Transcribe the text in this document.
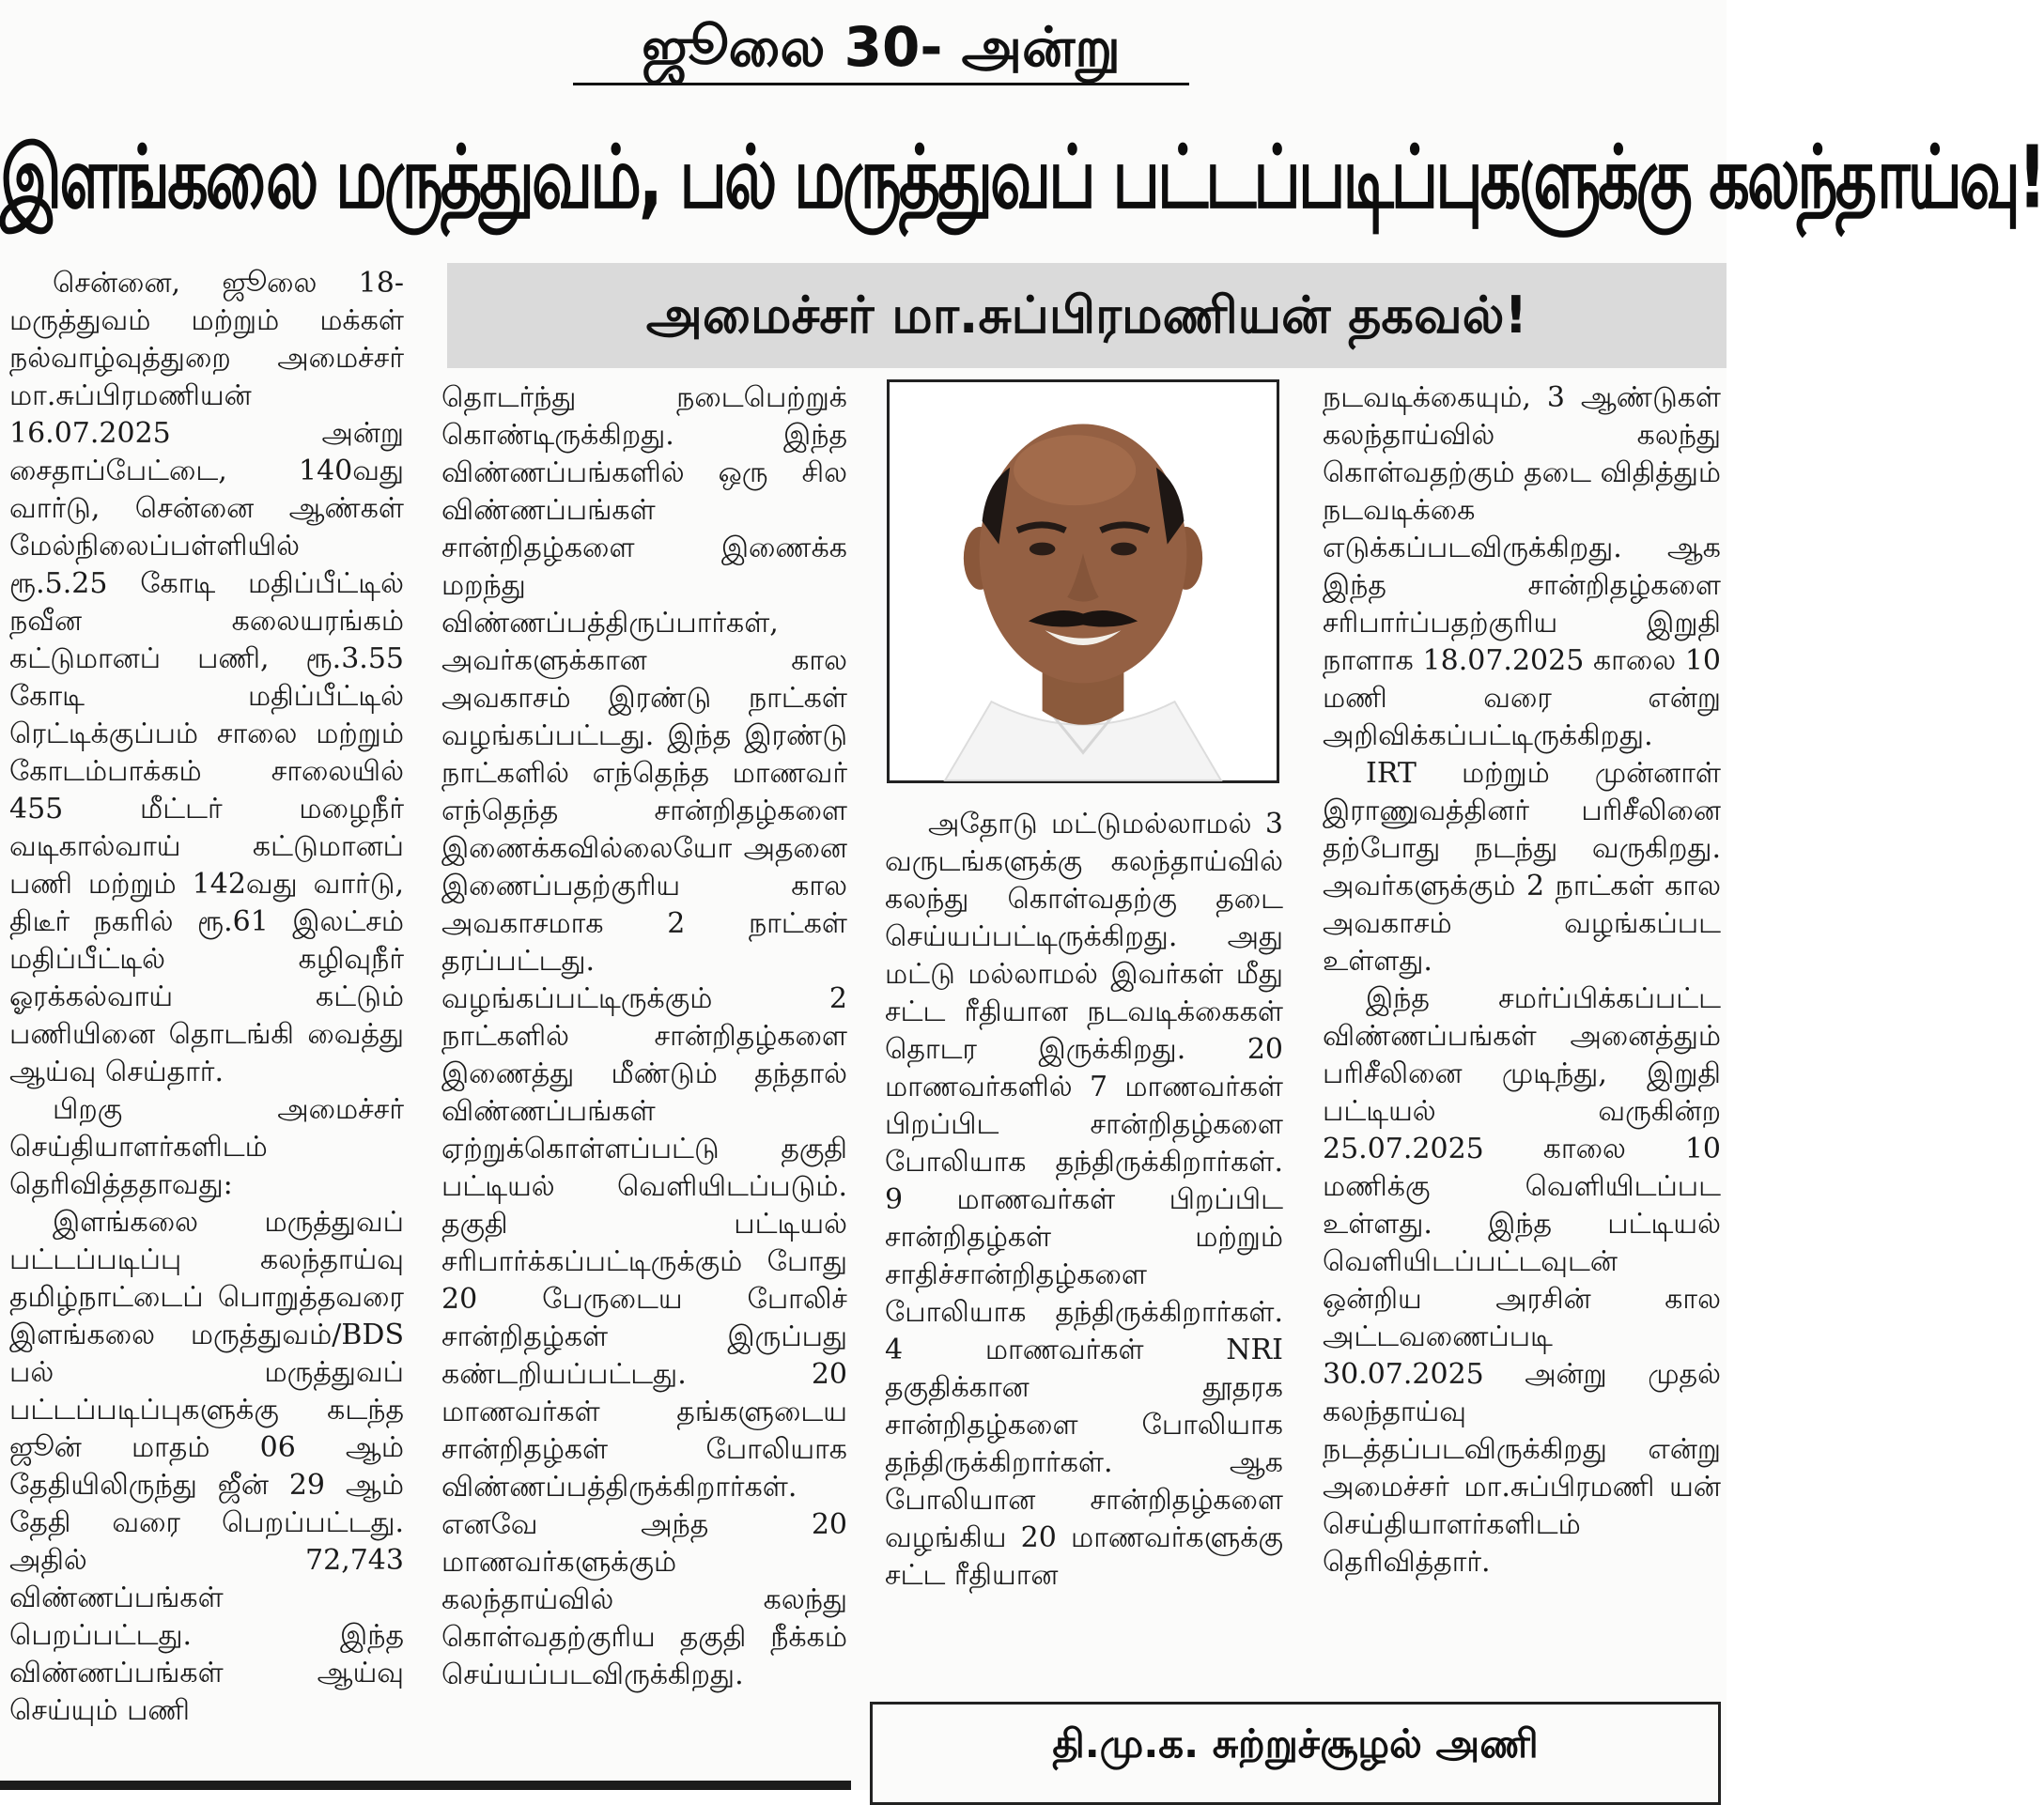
ஜூலை 30- அன்று
இளங்கலை மருத்துவம், பல் மருத்துவப் பட்டப்படிப்புகளுக்கு கலந்தாய்வு!
அமைச்சர் மா.சுப்பிரமணியன் தகவல்!

சென்னை, ஜூலை 18- மருத்துவம் மற்றும் மக்கள் நல்வாழ்வுத்துறை அமைச்சர் மா.சுப்பிரமணியன் 16.07.2025 அன்று சைதாப்பேட்டை, 140வது வார்டு, சென்னை ஆண்கள் மேல்நிலைப்பள்ளியில் ரூ.5.25 கோடி மதிப்பீட்டில் நவீன கலையரங்கம் கட்டுமானப் பணி, ரூ.3.55 கோடி மதிப்பீட்டில் ரெட்டிக்குப்பம் சாலை மற்றும் கோடம்பாக்கம் சாலையில் 455 மீட்டர் மழைநீர் வடிகால்வாய் கட்டுமானப் பணி மற்றும் 142வது வார்டு, திடீர் நகரில் ரூ.61 இலட்சம் மதிப்பீட்டில் கழிவுநீர் ஓரக்கல்வாய் கட்டும் பணியினை தொடங்கி வைத்து ஆய்வு செய்தார்.

பிறகு அமைச்சர் செய்தியாளர்களிடம் தெரிவித்ததாவது:

இளங்கலை மருத்துவப் பட்டப்படிப்பு கலந்தாய்வு தமிழ்நாட்டைப் பொறுத்தவரை இளங்கலை மருத்துவம்/BDS பல் மருத்துவப் பட்டப்படிப்புகளுக்கு கடந்த ஜூன் மாதம் 06 ஆம் தேதியிலிருந்து ஜீன் 29 ஆம் தேதி வரை பெறப்பட்டது. அதில் 72,743 விண்ணப்பங்கள் பெறப்பட்டது. இந்த விண்ணப்பங்கள் ஆய்வு செய்யும் பணி

தொடர்ந்து நடைபெற்றுக் கொண்டிருக்கிறது. இந்த விண்ணப்பங்களில் ஒரு சில விண்ணப்பங்கள் சான்றிதழ்களை இணைக்க மறந்து விண்ணப்பத்திருப்பார்கள், அவர்களுக்கான கால அவகாசம் இரண்டு நாட்கள் வழங்கப்பட்டது. இந்த இரண்டு நாட்களில் எந்தெந்த மாணவர் எந்தெந்த சான்றிதழ்களை இணைக்கவில்லையோ அதனை இணைப்பதற்குரிய கால அவகாசமாக 2 நாட்கள் தரப்பட்டது. வழங்கப்பட்டிருக்கும் 2 நாட்களில் சான்றிதழ்களை இணைத்து மீண்டும் தந்தால் விண்ணப்பங்கள் ஏற்றுக்கொள்ளப்பட்டு தகுதி பட்டியல் வெளியிடப்படும். தகுதி பட்டியல் சரிபார்க்கப்பட்டிருக்கும் போது 20 பேருடைய போலிச் சான்றிதழ்கள் இருப்பது கண்டறியப்பட்டது. 20 மாணவர்கள் தங்களுடைய சான்றிதழ்கள் போலியாக விண்ணப்பத்திருக்கிறார்கள். எனவே அந்த 20 மாணவர்களுக்கும் கலந்தாய்வில் கலந்து கொள்வதற்குரிய தகுதி நீக்கம் செய்யப்படவிருக்கிறது.

அதோடு மட்டுமல்லாமல் 3 வருடங்களுக்கு கலந்தாய்வில் கலந்து கொள்வதற்கு தடை செய்யப்பட்டிருக்கிறது. அது மட்டு மல்லாமல் இவர்கள் மீது சட்ட ரீதியான நடவடிக்கைகள் தொடர இருக்கிறது. 20 மாணவர்களில் 7 மாணவர்கள் பிறப்பிட சான்றிதழ்களை போலியாக தந்திருக்கிறார்கள். 9 மாணவர்கள் பிறப்பிட சான்றிதழ்கள் மற்றும் சாதிச்சான்றிதழ்களை போலியாக தந்திருக்கிறார்கள். 4 மாணவர்கள் NRI தகுதிக்கான தூதரக சான்றிதழ்களை போலியாக தந்திருக்கிறார்கள். ஆக போலியான சான்றிதழ்களை வழங்கிய 20 மாணவர்களுக்கு சட்ட ரீதியான

நடவடிக்கையும், 3 ஆண்டுகள் கலந்தாய்வில் கலந்து கொள்வதற்கும் தடை விதித்தும் நடவடிக்கை எடுக்கப்படவிருக்கிறது. ஆக இந்த சான்றிதழ்களை சரிபார்ப்பதற்குரிய இறுதி நாளாக 18.07.2025 காலை 10 மணி வரை என்று அறிவிக்கப்பட்டிருக்கிறது.

IRT மற்றும் முன்னாள் இராணுவத்தினர் பரிசீலினை தற்போது நடந்து வருகிறது. அவர்களுக்கும் 2 நாட்கள் கால அவகாசம் வழங்கப்பட உள்ளது.

இந்த சமர்ப்பிக்கப்பட்ட விண்ணப்பங்கள் அனைத்தும் பரிசீலினை முடிந்து, இறுதி பட்டியல் வருகின்ற 25.07.2025 காலை 10 மணிக்கு வெளியிடப்பட உள்ளது. இந்த பட்டியல் வெளியிடப்பட்டவுடன் ஒன்றிய அரசின் கால அட்டவணைப்படி 30.07.2025 அன்று முதல் கலந்தாய்வு நடத்தப்படவிருக்கிறது என்று அமைச்சர் மா.சுப்பிரமணி யன் செய்தியாளர்களிடம் தெரிவித்தார்.

தி.மு.க. சுற்றுச்சூழல் அணி
